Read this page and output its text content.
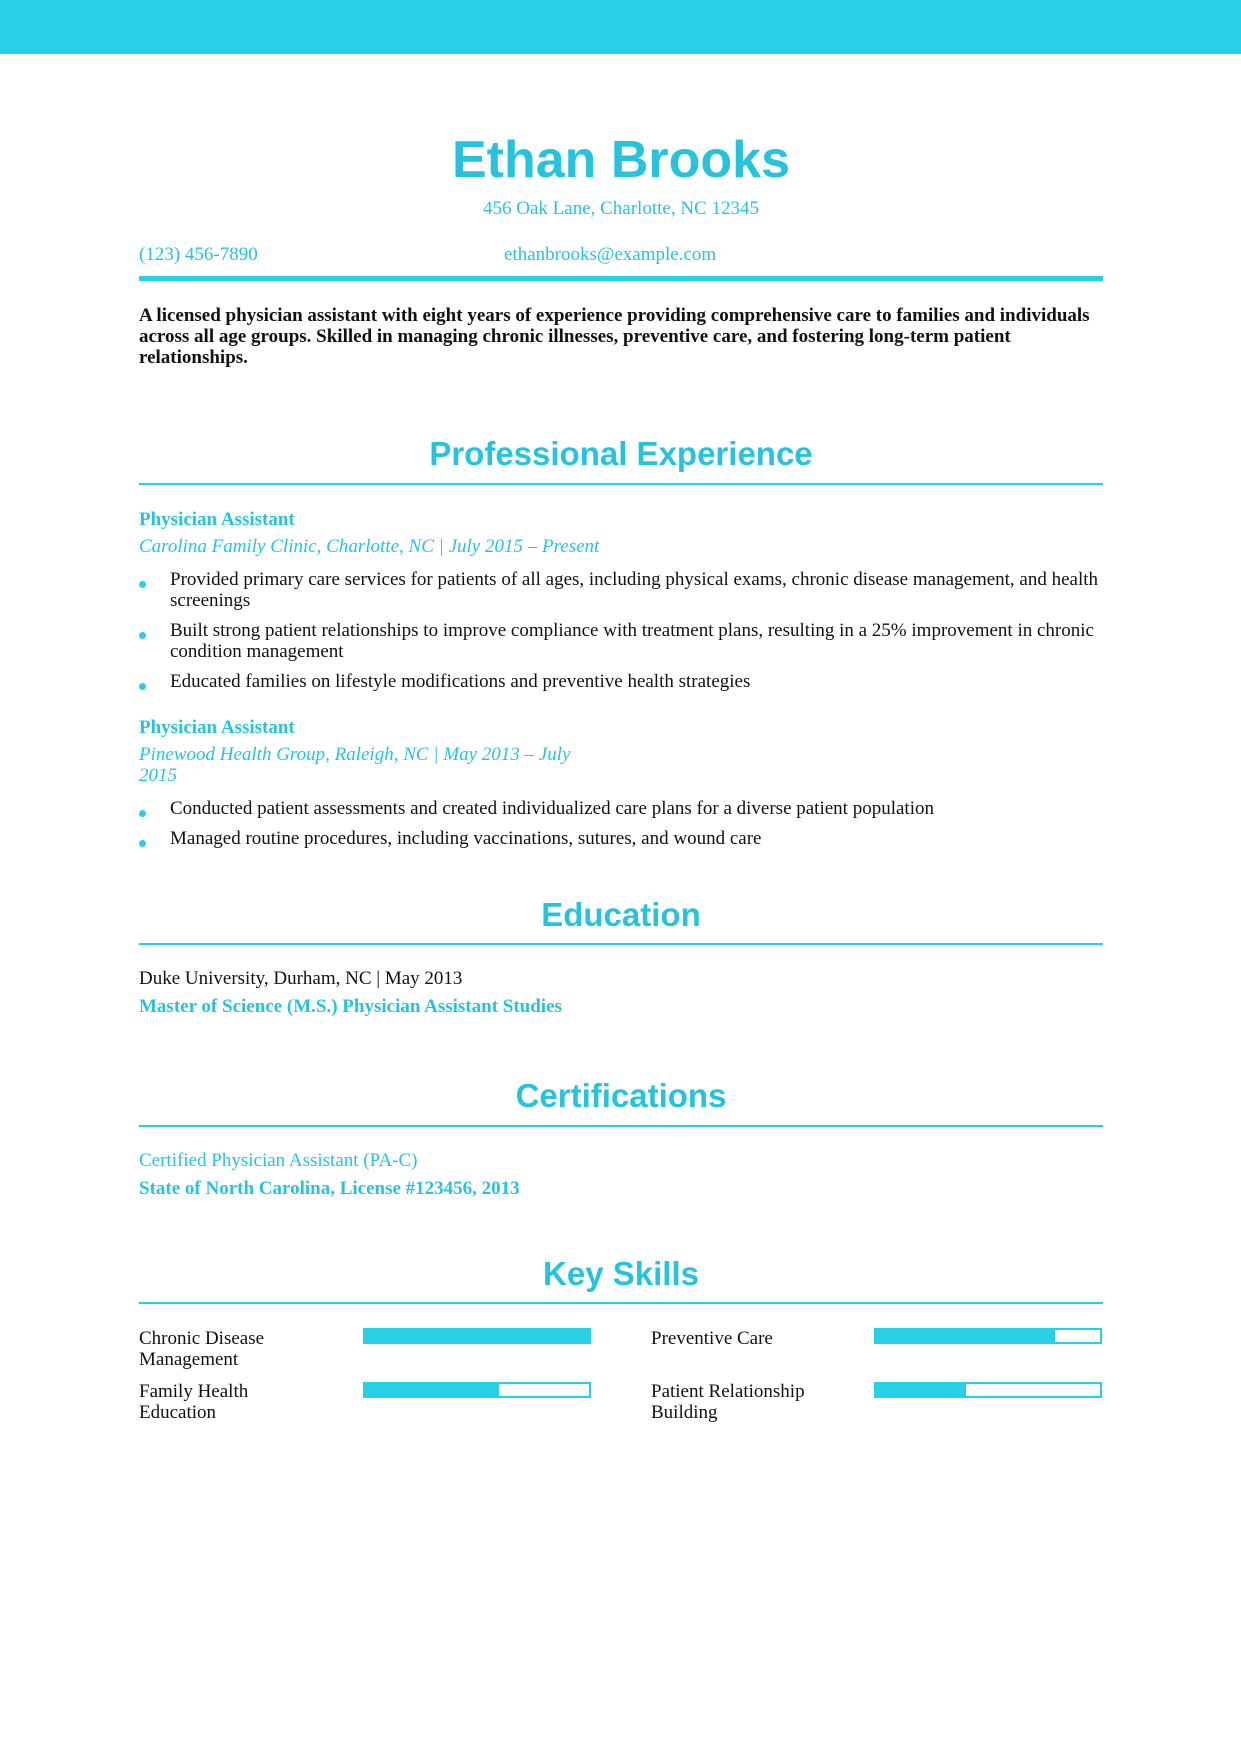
Ethan Brooks
456 Oak Lane, Charlotte, NC 12345
(123) 456-7890	ethanbrooks@example.com
A licensed physician assistant with eight years of experience providing comprehensive care to families and individuals across all age groups. Skilled in managing chronic illnesses, preventive care, and fostering long-term patient relationships.
Professional Experience
Physician Assistant
Carolina Family Clinic, Charlotte, NC | July 2015 – Present
Provided primary care services for patients of all ages, including physical exams, chronic disease management, and health screenings
Built strong patient relationships to improve compliance with treatment plans, resulting in a 25% improvement in chronic condition management
Educated families on lifestyle modifications and preventive health strategies
Physician Assistant
Pinewood Health Group, Raleigh, NC | May 2013 – July
2015
Conducted patient assessments and created individualized care plans for a diverse patient population
Managed routine procedures, including vaccinations, sutures, and wound care
Education
Duke University, Durham, NC | May 2013
Master of Science (M.S.) Physician Assistant Studies
Certifications
Certified Physician Assistant (PA-C)
State of North Carolina, License #123456, 2013
Key Skills
Chronic Disease
Management
Preventive Care
Family Health
Education
Patient Relationship
Building
